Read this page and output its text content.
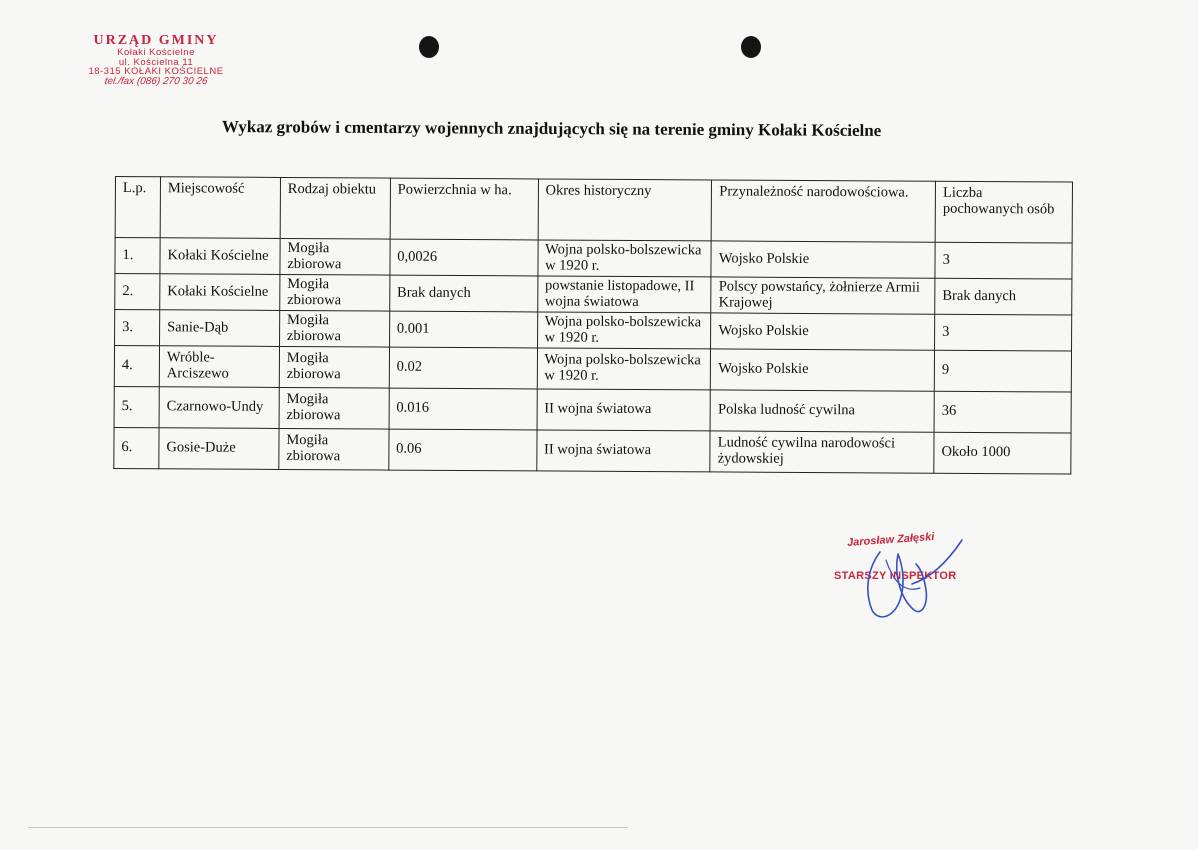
URZĄD GMINY
Kołaki Kościelne
ul. Kościelna 11
18-315 KOŁAKI KOŚCIELNE
tel./fax (086) 270 30 26
Wykaz grobów i cmentarzy wojennych znajdujących się na terenie gminy Kołaki Kościelne
L.p.	Miejscowość	Rodzaj obiektu	Powierzchnia w ha.	Okres historyczny	Przynależność narodowościowa.	Liczba pochowanych osób
1.	Kołaki Kościelne	Mogiła zbiorowa	0,0026	Wojna polsko-bolszewicka w 1920 r.	Wojsko Polskie	3
2.	Kołaki Kościelne	Mogiła zbiorowa	Brak danych	powstanie listopadowe, II wojna światowa	Polscy powstańcy, żołnierze Armii Krajowej	Brak danych
3.	Sanie-Dąb	Mogiła zbiorowa	0.001	Wojna polsko-bolszewicka w 1920 r.	Wojsko Polskie	3
4.	Wróble-Arciszewo	Mogiła zbiorowa	0.02	Wojna polsko-bolszewicka w 1920 r.	Wojsko Polskie	9
5.	Czarnowo-Undy	Mogiła zbiorowa	0.016	II wojna światowa	Polska ludność cywilna	36
6.	Gosie-Duże	Mogiła zbiorowa	0.06	II wojna światowa	Ludność cywilna narodowości żydowskiej	Około 1000
Jarosław Załęski
STARSZY INSPEKTOR
